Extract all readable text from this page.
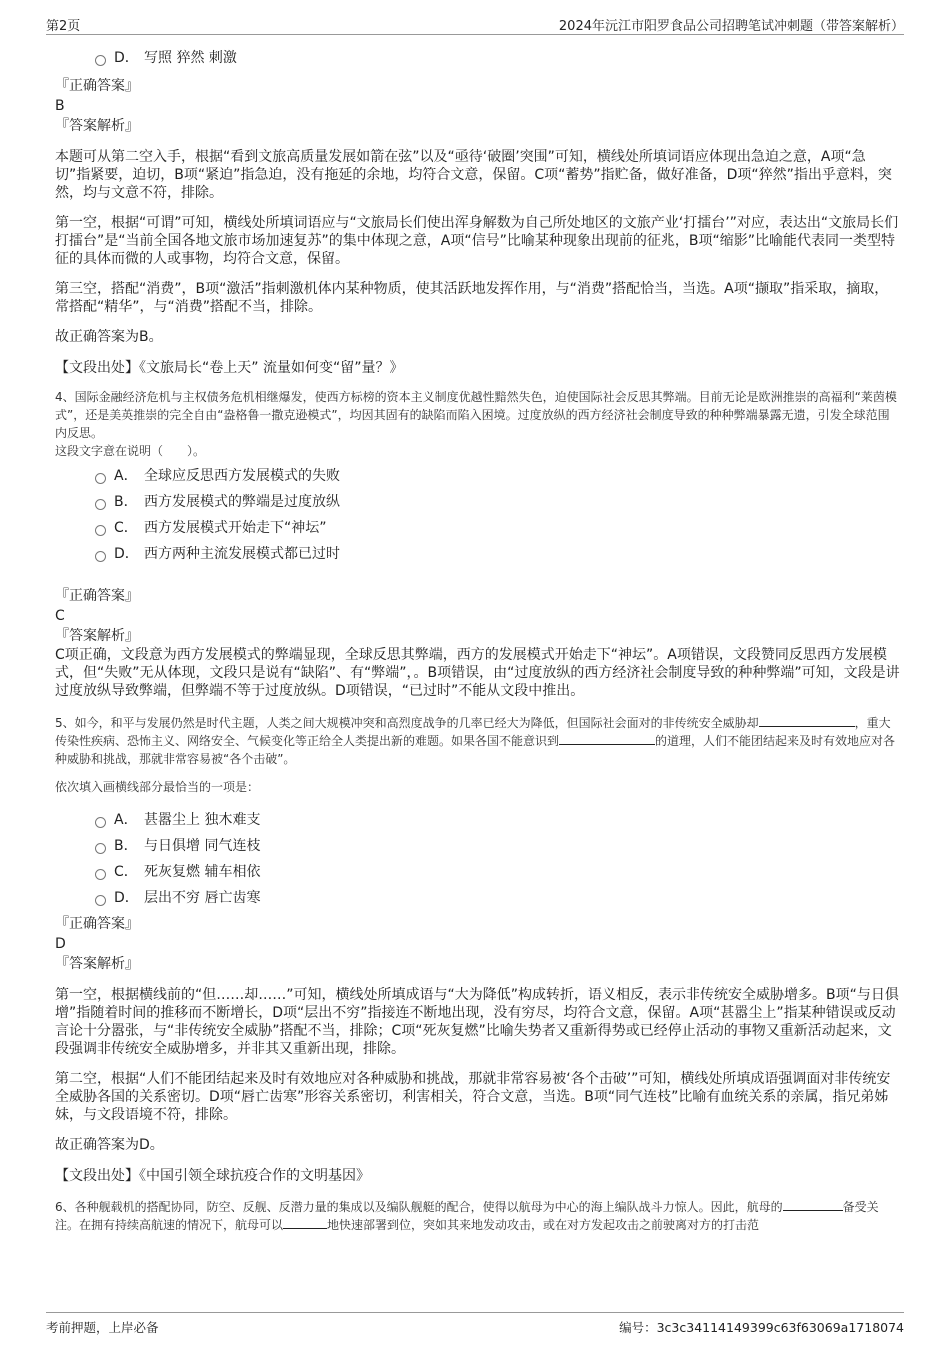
第2页	2024年沅江市阳罗食品公司招聘笔试冲刺题（带答案解析）
D． 写照 猝然 刺激

『正确答案』

B

『答案解析』

本题可从第二空入手，根据“看到文旅高质量发展如箭在弦”以及“亟待‘破圈’突围”可知，横线处所填词语应体现出急迫之意，A项“急切”指紧要，迫切，B项“紧迫”指急迫，没有拖延的余地，均符合文意，保留。C项“蓄势”指贮备，做好准备，D项“猝然”指出乎意料，突然，均与文意不符，排除。

第一空，根据“可谓”可知，横线处所填词语应与“文旅局长们使出浑身解数为自己所处地区的文旅产业‘打擂台’”对应，表达出“文旅局长们打擂台”是“当前全国各地文旅市场加速复苏”的集中体现之意，A项“信号”比喻某种现象出现前的征兆，B项“缩影”比喻能代表同一类型特征的具体而微的人或事物，均符合文意，保留。

第三空，搭配“消费”，B项“激活”指刺激机体内某种物质，使其活跃地发挥作用，与“消费”搭配恰当，当选。A项“撷取”指采取，摘取，常搭配“精华”，与“消费”搭配不当，排除。

故正确答案为B。

【文段出处】《文旅局长“卷上天” 流量如何变“留”量？》

4、国际金融经济危机与主权债务危机相继爆发，使西方标榜的资本主义制度优越性黯然失色，迫使国际社会反思其弊端。目前无论是欧洲推崇的高福利“莱茵模式”，还是美英推崇的完全自由“盎格鲁一撒克逊模式”，均因其固有的缺陷而陷入困境。过度放纵的西方经济社会制度导致的种种弊端暴露无遗，引发全球范围内反思。

这段文字意在说明（　　）。

A． 全球应反思西方发展模式的失败
B． 西方发展模式的弊端是过度放纵
C． 西方发展模式开始走下“神坛”
D． 西方两种主流发展模式都已过时

『正确答案』

C

『答案解析』

C项正确，文段意为西方发展模式的弊端显现，全球反思其弊端，西方的发展模式开始走下“神坛”。A项错误，文段赞同反思西方发展模式，但“失败”无从体现，文段只是说有“缺陷”、有“弊端”，。B项错误，由“过度放纵的西方经济社会制度导致的种种弊端”可知，文段是讲过度放纵导致弊端，但弊端不等于过度放纵。D项错误，“已过时”不能从文段中推出。

5、如今，和平与发展仍然是时代主题，人类之间大规模冲突和高烈度战争的几率已经大为降低，但国际社会面对的非传统安全威胁却	，重大传染性疾病、恐怖主义、网络安全、气候变化等正给全人类提出新的难题。如果各国不能意识到	的道理，人们不能团结起来及时有效地应对各种威胁和挑战，那就非常容易被“各个击破”。

依次填入画横线部分最恰当的一项是：

A． 甚嚣尘上 独木难支
B． 与日俱增 同气连枝
C． 死灰复燃 辅车相依
D． 层出不穷 唇亡齿寒

『正确答案』

D

『答案解析』

第一空，根据横线前的“但……却……”可知，横线处所填成语与“大为降低”构成转折，语义相反，表示非传统安全威胁增多。B项“与日俱增”指随着时间的推移而不断增长，D项“层出不穷”指接连不断地出现，没有穷尽，均符合文意，保留。A项“甚嚣尘上”指某种错误或反动言论十分嚣张，与“非传统安全威胁”搭配不当，排除；C项“死灰复燃”比喻失势者又重新得势或已经停止活动的事物又重新活动起来，文段强调非传统安全威胁增多，并非其又重新出现，排除。

第二空，根据“人们不能团结起来及时有效地应对各种威胁和挑战，那就非常容易被‘各个击破’”可知，横线处所填成语强调面对非传统安全威胁各国的关系密切。D项“唇亡齿寒”形容关系密切，利害相关，符合文意，当选。B项“同气连枝”比喻有血统关系的亲属，指兄弟姊妹，与文段语境不符，排除。

故正确答案为D。

【文段出处】《中国引领全球抗疫合作的文明基因》

6、各种舰载机的搭配协同，防空、反舰、反潜力量的集成以及编队舰艇的配合，使得以航母为中心的海上编队战斗力惊人。因此，航母的	备受关注。在拥有持续高航速的情况下，航母可以	地快速部署到位，突如其来地发动攻击，或在对方发起攻击之前驶离对方的打击范

考前押题，上岸必备	编号：3c3c34114149399c63f63069a1718074
